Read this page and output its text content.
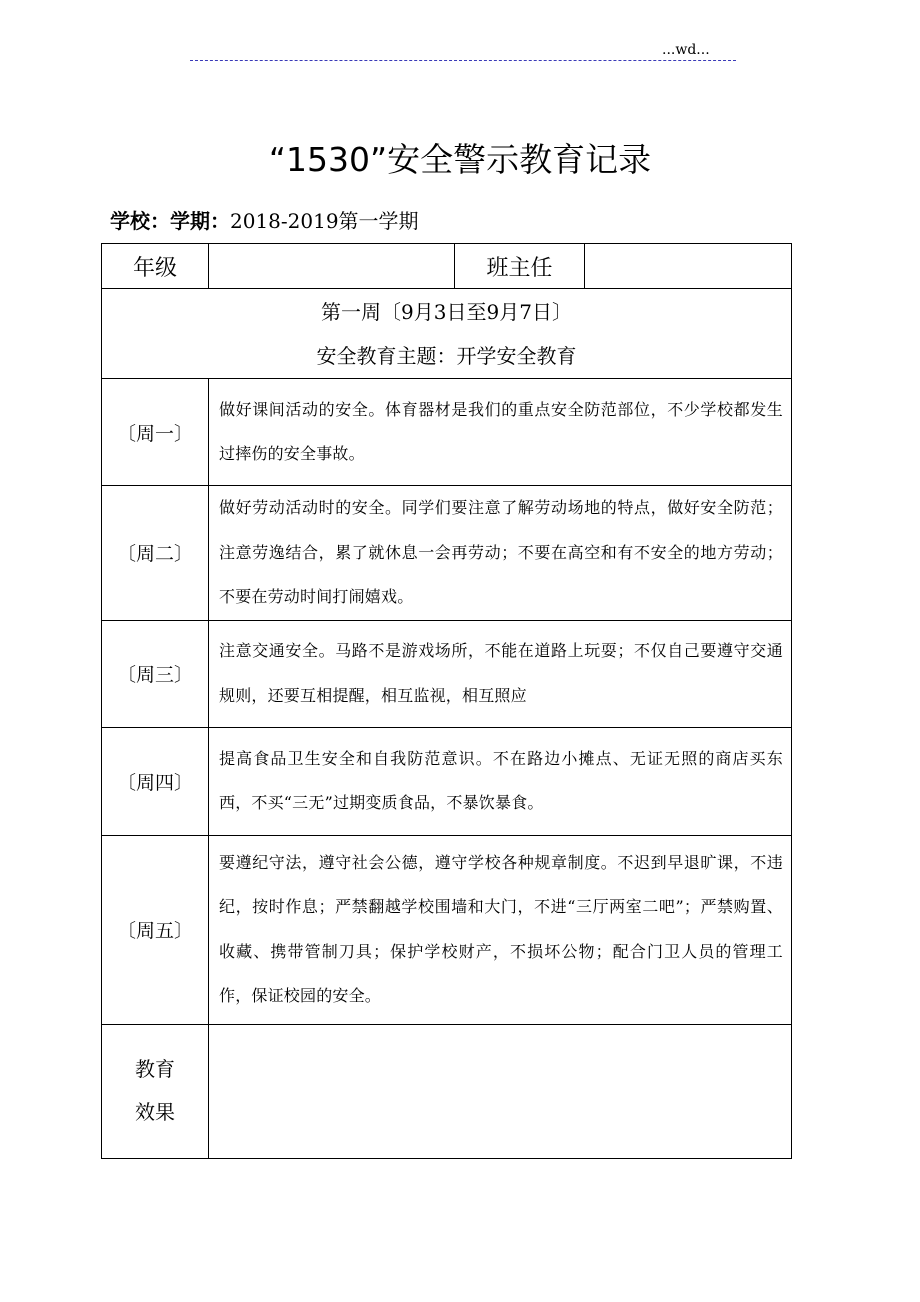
...wd...
“1530”安全警示教育记录
学校：学期：2018-2019第一学期
年级		班主任	

第一周〔9月3日至9月7日〕
安全教育主题：开学安全教育			

〔周一〕	做好课间活动的安全。体育器材是我们的重点安全防范部位，不少学校都发生过摔伤的安全事故。		
〔周二〕	做好劳动活动时的安全。同学们要注意了解劳动场地的特点，做好安全防范；注意劳逸结合，累了就休息一会再劳动；不要在高空和有不安全的地方劳动；不要在劳动时间打闹嬉戏。		
〔周三〕	注意交通安全。马路不是游戏场所，不能在道路上玩耍；不仅自己要遵守交通规则，还要互相提醒，相互监视，相互照应		
〔周四〕	提高食品卫生安全和自我防范意识。不在路边小摊点、无证无照的商店买东西，不买“三无”过期变质食品，不暴饮暴食。		
〔周五〕	要遵纪守法，遵守社会公德，遵守学校各种规章制度。不迟到早退旷课，不违纪，按时作息；严禁翻越学校围墙和大门，不进“三厅两室二吧”；严禁购置、收藏、携带管制刀具；保护学校财产，不损坏公物；配合门卫人员的管理工作，保证校园的安全。		

教育
效果			
